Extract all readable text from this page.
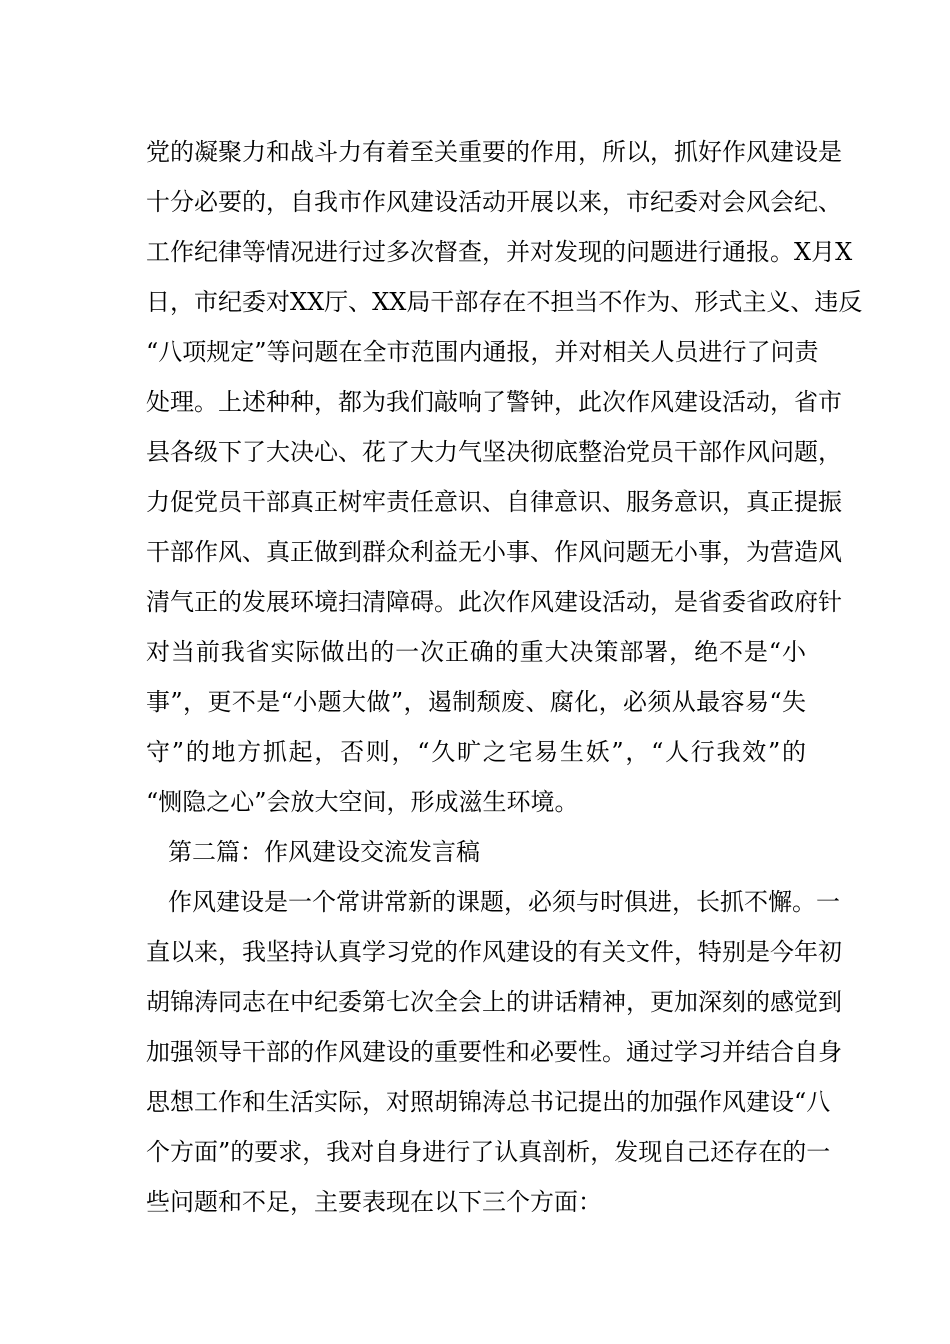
党的凝聚力和战斗力有着至关重要的作用，所以，抓好作风建设是
十分必要的，自我市作风建设活动开展以来，市纪委对会风会纪、
工作纪律等情况进行过多次督查，并对发现的问题进行通报。X月X
日，市纪委对XX厅、XX局干部存在不担当不作为、形式主义、违反
“八项规定”等问题在全市范围内通报，并对相关人员进行了问责
处理。上述种种，都为我们敲响了警钟，此次作风建设活动，省市
县各级下了大决心、花了大力气坚决彻底整治党员干部作风问题，
力促党员干部真正树牢责任意识、自律意识、服务意识，真正提振
干部作风、真正做到群众利益无小事、作风问题无小事，为营造风
清气正的发展环境扫清障碍。此次作风建设活动，是省委省政府针
对当前我省实际做出的一次正确的重大决策部署，绝不是“小
事”，更不是“小题大做”，遏制颓废、腐化，必须从最容易“失
守”的地方抓起，否则，“久旷之宅易生妖”，“人行我效”的
“恻隐之心”会放大空间，形成滋生环境。
第二篇：作风建设交流发言稿
作风建设是一个常讲常新的课题，必须与时俱进，长抓不懈。一
直以来，我坚持认真学习党的作风建设的有关文件，特别是今年初
胡锦涛同志在中纪委第七次全会上的讲话精神，更加深刻的感觉到
加强领导干部的作风建设的重要性和必要性。通过学习并结合自身
思想工作和生活实际，对照胡锦涛总书记提出的加强作风建设“八
个方面”的要求，我对自身进行了认真剖析，发现自己还存在的一
些问题和不足，主要表现在以下三个方面：
